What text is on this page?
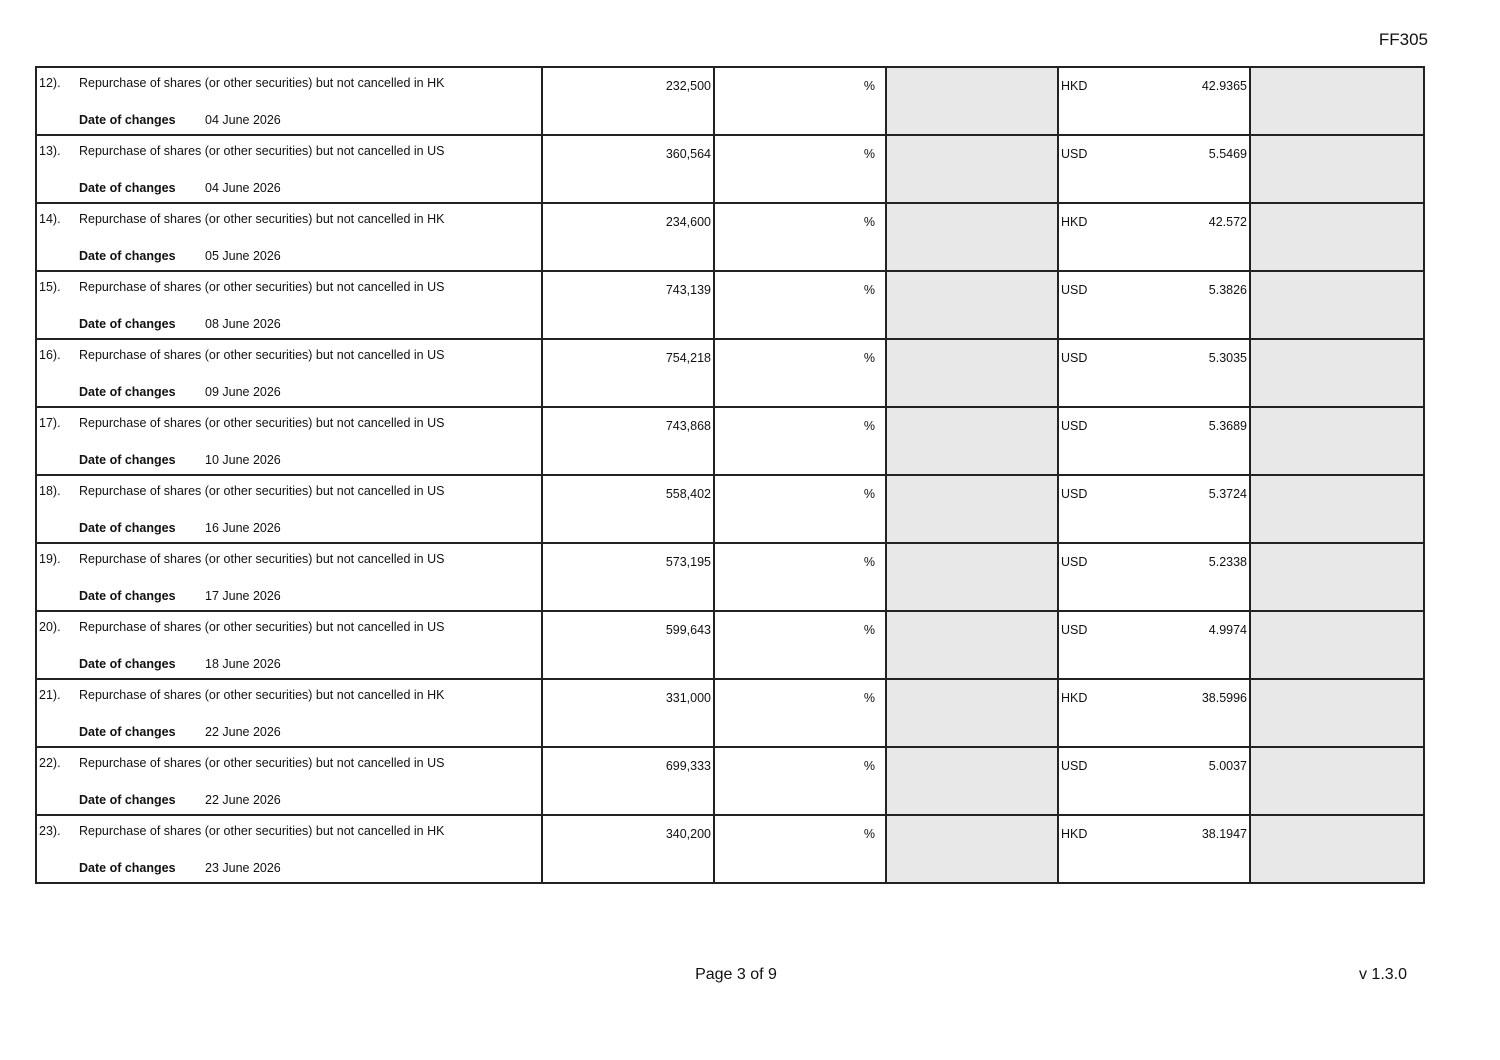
FF305
12). Repurchase of shares (or other securities) but not cancelled in HK
Date of changes 04 June 2026	232,500	%		HKD 42.9365	

13). Repurchase of shares (or other securities) but not cancelled in US
Date of changes 04 June 2026	360,564	%		USD 5.5469	

14). Repurchase of shares (or other securities) but not cancelled in HK
Date of changes 05 June 2026	234,600	%		HKD 42.572	

15). Repurchase of shares (or other securities) but not cancelled in US
Date of changes 08 June 2026	743,139	%		USD 5.3826	

16). Repurchase of shares (or other securities) but not cancelled in US
Date of changes 09 June 2026	754,218	%		USD 5.3035	

17). Repurchase of shares (or other securities) but not cancelled in US
Date of changes 10 June 2026	743,868	%		USD 5.3689	

18). Repurchase of shares (or other securities) but not cancelled in US
Date of changes 16 June 2026	558,402	%		USD 5.3724	

19). Repurchase of shares (or other securities) but not cancelled in US
Date of changes 17 June 2026	573,195	%		USD 5.2338	

20). Repurchase of shares (or other securities) but not cancelled in US
Date of changes 18 June 2026	599,643	%		USD 4.9974	

21). Repurchase of shares (or other securities) but not cancelled in HK
Date of changes 22 June 2026	331,000	%		HKD 38.5996	

22). Repurchase of shares (or other securities) but not cancelled in US
Date of changes 22 June 2026	699,333	%		USD 5.0037	

23). Repurchase of shares (or other securities) but not cancelled in HK
Date of changes 23 June 2026	340,200	%		HKD 38.1947	

Page 3 of 9	v 1.3.0
